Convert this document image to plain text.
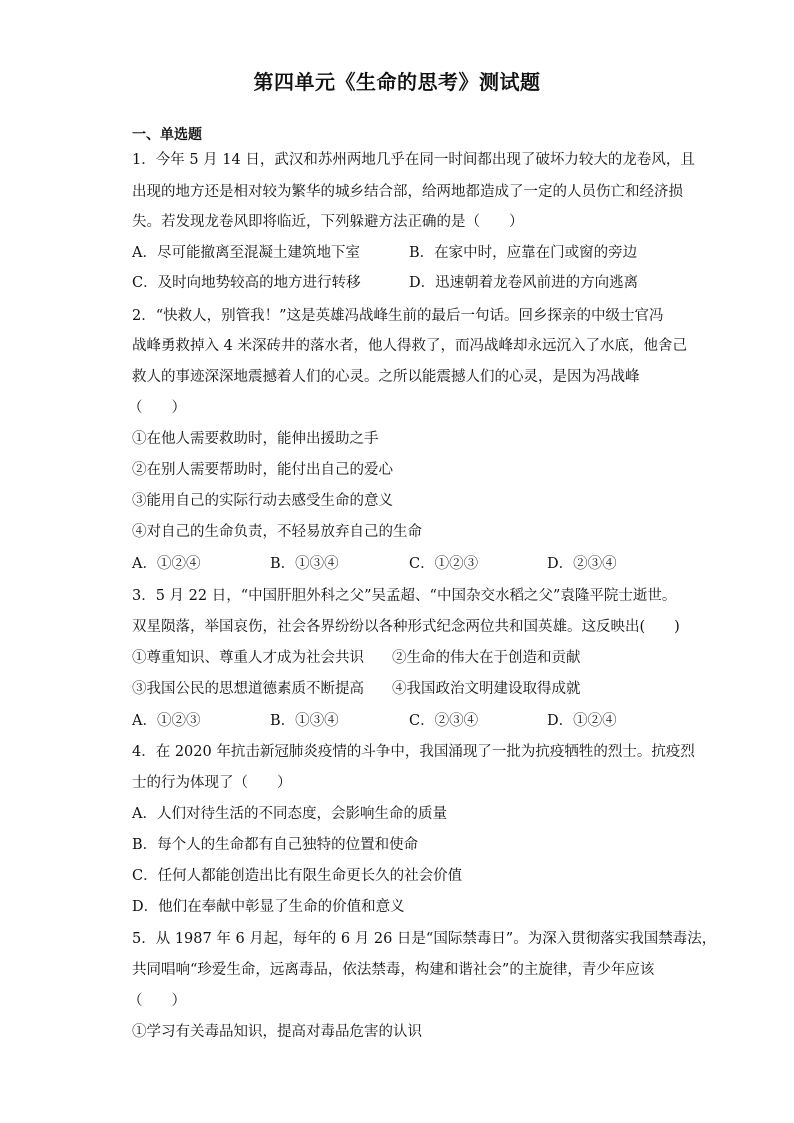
第四单元《生命的思考》测试题
一、单选题
1．今年 5 月 14 日，武汉和苏州两地几乎在同一时间都出现了破坏力较大的龙卷风，且
出现的地方还是相对较为繁华的城乡结合部，给两地都造成了一定的人员伤亡和经济损
失。若发现龙卷风即将临近，下列躲避方法正确的是（　　）
A．尽可能撤离至混凝土建筑地下室	B．在家中时，应靠在门或窗的旁边
C．及时向地势较高的地方进行转移	D．迅速朝着龙卷风前进的方向逃离
2．“快救人，别管我！”这是英雄冯战峰生前的最后一句话。回乡探亲的中级士官冯
战峰勇救掉入 4 米深砖井的落水者，他人得救了，而冯战峰却永远沉入了水底，他舍己
救人的事迹深深地震撼着人们的心灵。之所以能震撼人们的心灵，是因为冯战峰
（　　）
①在他人需要救助时，能伸出援助之手
②在别人需要帮助时，能付出自己的爱心
③能用自己的实际行动去感受生命的意义
④对自己的生命负责，不轻易放弃自己的生命
A．①②④	B．①③④	C．①②③	D．②③④
3．5 月 22 日，“中国肝胆外科之父”吴孟超、“中国杂交水稻之父”袁隆平院士逝世。
双星陨落，举国哀伤，社会各界纷纷以各种形式纪念两位共和国英雄。这反映出(　　)
①尊重知识、尊重人才成为社会共识 ②生命的伟大在于创造和贡献
③我国公民的思想道德素质不断提高 ④我国政治文明建设取得成就
A．①②③	B．①③④	C．②③④	D．①②④
4．在 2020 年抗击新冠肺炎疫情的斗争中，我国涌现了一批为抗疫牺牲的烈士。抗疫烈
士的行为体现了（　　）
A．人们对待生活的不同态度，会影响生命的质量
B．每个人的生命都有自己独特的位置和使命
C．任何人都能创造出比有限生命更长久的社会价值
D．他们在奉献中彰显了生命的价值和意义
5．从 1987 年 6 月起，每年的 6 月 26 日是“国际禁毒日”。为深入贯彻落实我国禁毒法，
共同唱响“珍爱生命，远离毒品，依法禁毒，构建和谐社会”的主旋律，青少年应该
（　　）
①学习有关毒品知识，提高对毒品危害的认识
